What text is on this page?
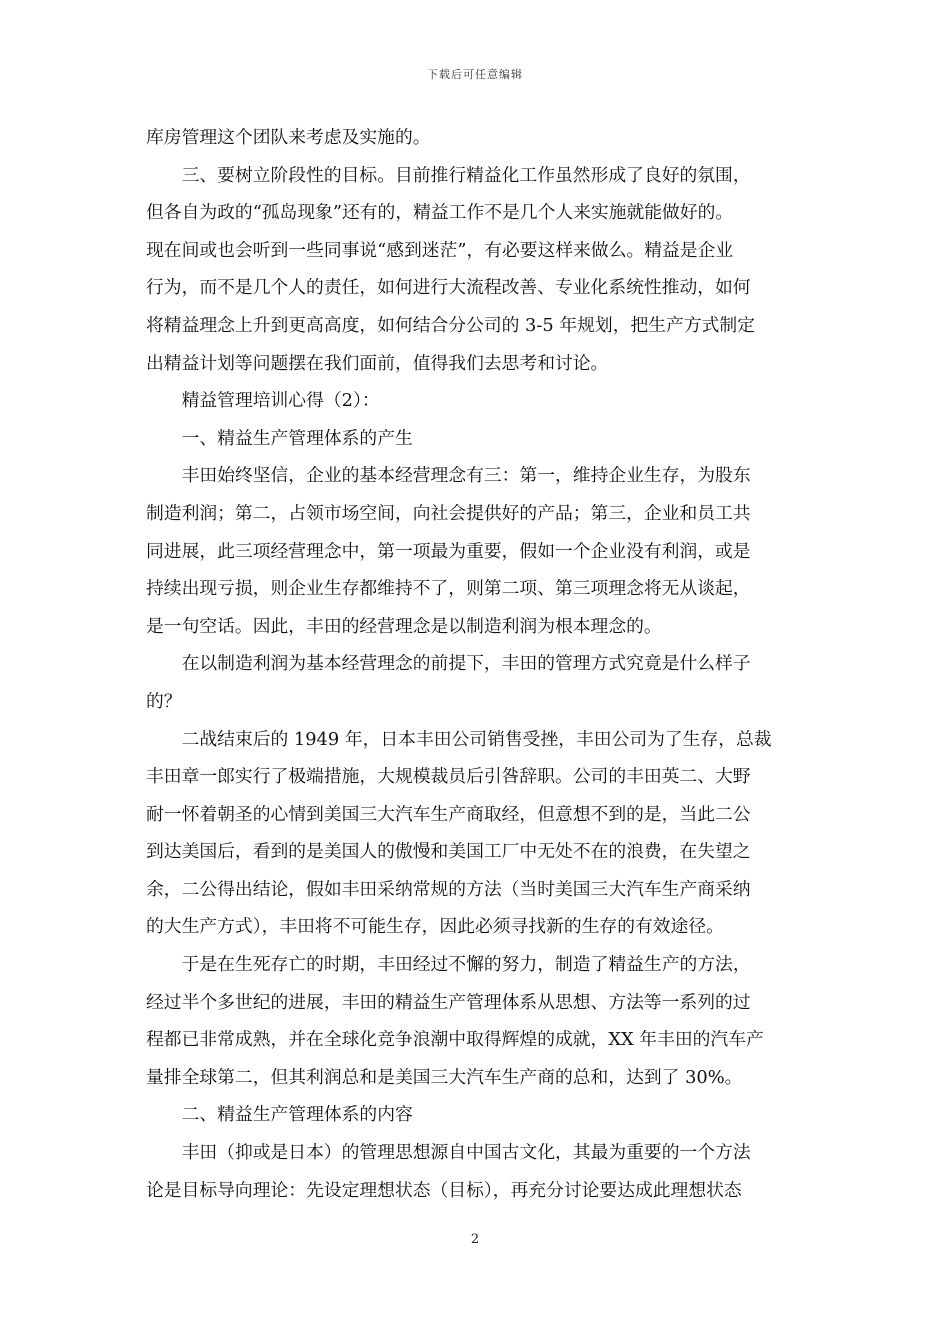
下载后可任意编辑

库房管理这个团队来考虑及实施的。

三、要树立阶段性的目标。目前推行精益化工作虽然形成了良好的氛围，
但各自为政的“孤岛现象”还有的，精益工作不是几个人来实施就能做好的。
现在间或也会听到一些同事说“感到迷茫”，有必要这样来做么。精益是企业
行为，而不是几个人的责任，如何进行大流程改善、专业化系统性推动，如何
将精益理念上升到更高高度，如何结合分公司的 3-5 年规划，把生产方式制定
出精益计划等问题摆在我们面前，值得我们去思考和讨论。

精益管理培训心得（2）：

一、精益生产管理体系的产生

丰田始终坚信，企业的基本经营理念有三：第一，维持企业生存，为股东
制造利润；第二，占领市场空间，向社会提供好的产品；第三，企业和员工共
同进展，此三项经营理念中，第一项最为重要，假如一个企业没有利润，或是
持续出现亏损，则企业生存都维持不了，则第二项、第三项理念将无从谈起，
是一句空话。因此，丰田的经营理念是以制造利润为根本理念的。

在以制造利润为基本经营理念的前提下，丰田的管理方式究竟是什么样子
的？

二战结束后的 1949 年，日本丰田公司销售受挫，丰田公司为了生存，总裁
丰田章一郎实行了极端措施，大规模裁员后引咎辞职。公司的丰田英二、大野
耐一怀着朝圣的心情到美国三大汽车生产商取经，但意想不到的是，当此二公
到达美国后，看到的是美国人的傲慢和美国工厂中无处不在的浪费，在失望之
余，二公得出结论，假如丰田采纳常规的方法（当时美国三大汽车生产商采纳
的大生产方式），丰田将不可能生存，因此必须寻找新的生存的有效途径。

于是在生死存亡的时期，丰田经过不懈的努力，制造了精益生产的方法，
经过半个多世纪的进展，丰田的精益生产管理体系从思想、方法等一系列的过
程都已非常成熟，并在全球化竞争浪潮中取得辉煌的成就，XX 年丰田的汽车产
量排全球第二，但其利润总和是美国三大汽车生产商的总和，达到了 30%。

二、精益生产管理体系的内容

丰田（抑或是日本）的管理思想源自中国古文化，其最为重要的一个方法
论是目标导向理论：先设定理想状态（目标），再充分讨论要达成此理想状态

2
